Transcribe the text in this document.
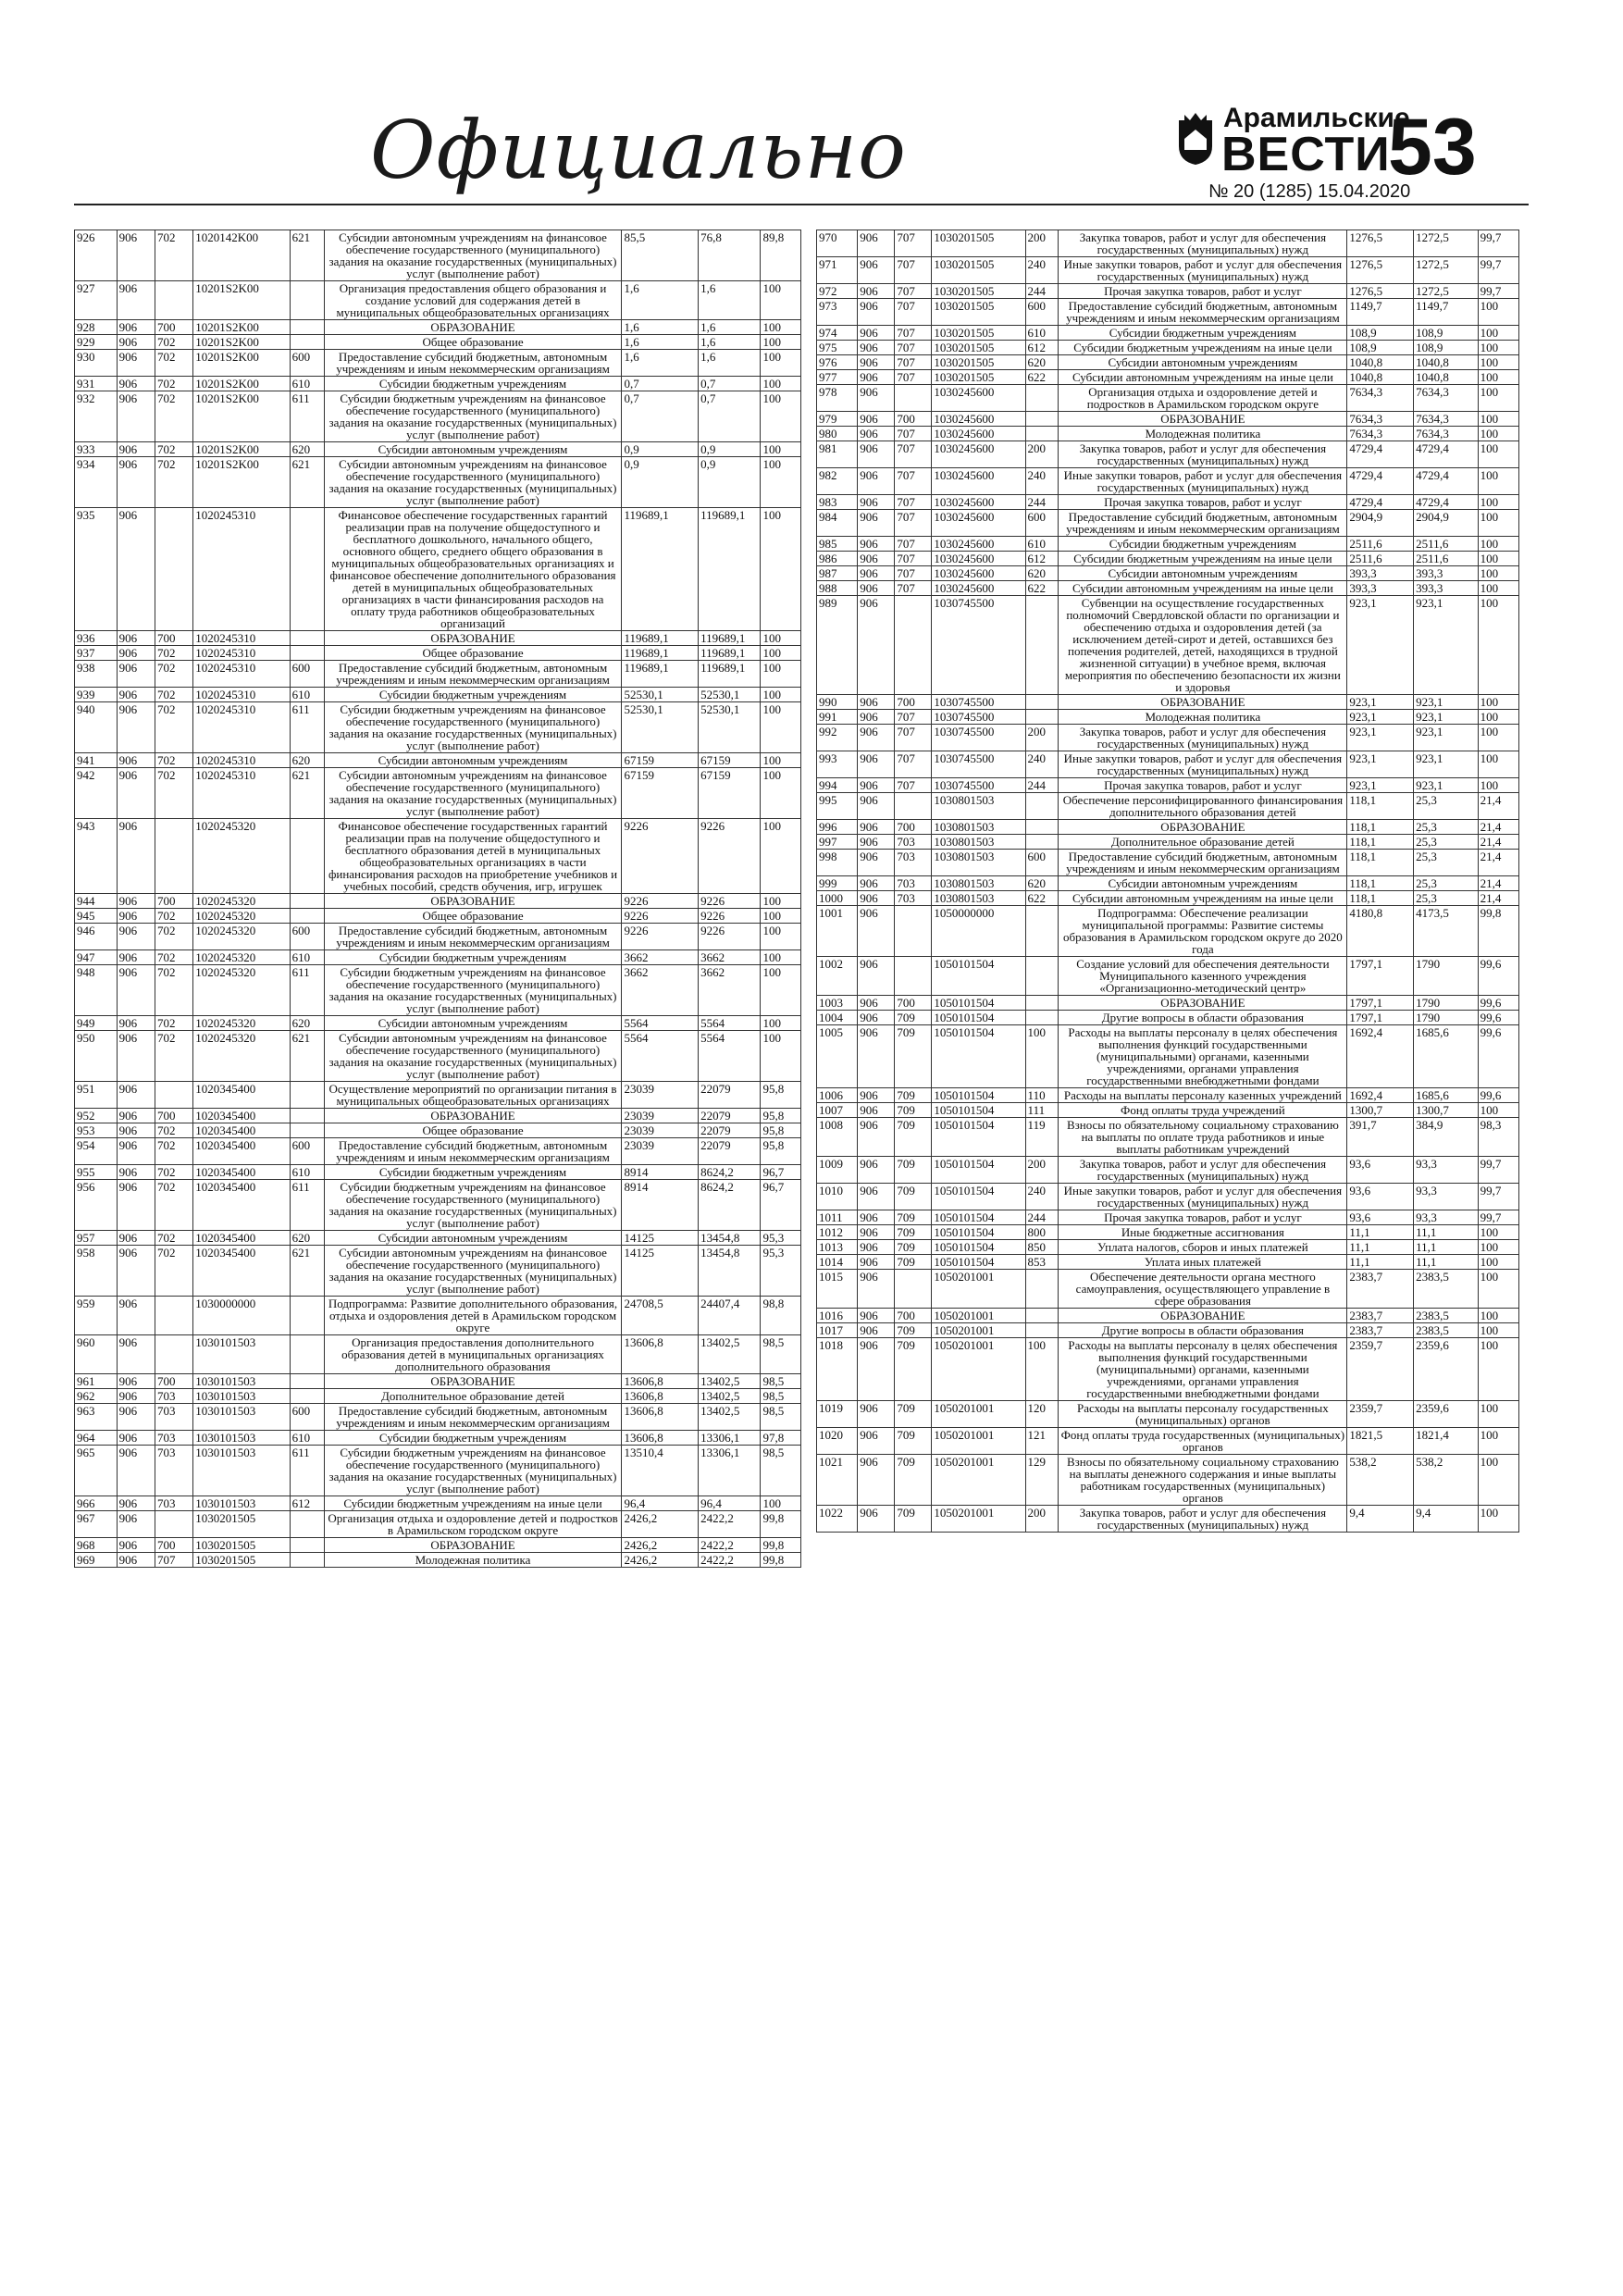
Официально	Арамильские
ВЕСТИ
№ 20 (1285) 15.04.2020
53
926	906	702	1020142K00	621	Субсидии автономным учреждениям на финансовое обеспечение государственного (муниципального) задания на оказание государственных (муниципальных) услуг (выполнение работ)	85,5	76,8	89,8
927	906		10201S2K00		Организация предоставления общего образования и создание условий для содержания детей в муниципальных общеобразовательных организациях	1,6	1,6	100
928	906	700	10201S2K00		ОБРАЗОВАНИЕ	1,6	1,6	100
929	906	702	10201S2K00		Общее образование	1,6	1,6	100
930	906	702	10201S2K00	600	Предоставление субсидий бюджетным, автономным учреждениям и иным некоммерческим организациям	1,6	1,6	100
931	906	702	10201S2K00	610	Субсидии бюджетным учреждениям	0,7	0,7	100
932	906	702	10201S2K00	611	Субсидии бюджетным учреждениям на финансовое обеспечение государственного (муниципального) задания на оказание государственных (муниципальных) услуг (выполнение работ)	0,7	0,7	100
933	906	702	10201S2K00	620	Субсидии автономным учреждениям	0,9	0,9	100
934	906	702	10201S2K00	621	Субсидии автономным учреждениям на финансовое обеспечение государственного (муниципального) задания на оказание государственных (муниципальных) услуг (выполнение работ)	0,9	0,9	100
935	906		1020245310		Финансовое обеспечение государственных гарантий реализации прав на получение общедоступного и бесплатного дошкольного, начального общего, основного общего, среднего общего образования в муниципальных общеобразовательных организациях и финансовое обеспечение дополнительного образования детей в муниципальных общеобразовательных организациях в части финансирования расходов на оплату труда работников общеобразовательных организаций	119689,1	119689,1	100
936	906	700	1020245310		ОБРАЗОВАНИЕ	119689,1	119689,1	100
937	906	702	1020245310		Общее образование	119689,1	119689,1	100
938	906	702	1020245310	600	Предоставление субсидий бюджетным, автономным учреждениям и иным некоммерческим организациям	119689,1	119689,1	100
939	906	702	1020245310	610	Субсидии бюджетным учреждениям	52530,1	52530,1	100
940	906	702	1020245310	611	Субсидии бюджетным учреждениям на финансовое обеспечение государственного (муниципального) задания на оказание государственных (муниципальных) услуг (выполнение работ)	52530,1	52530,1	100
941	906	702	1020245310	620	Субсидии автономным учреждениям	67159	67159	100
942	906	702	1020245310	621	Субсидии автономным учреждениям на финансовое обеспечение государственного (муниципального) задания на оказание государственных (муниципальных) услуг (выполнение работ)	67159	67159	100
943	906		1020245320		Финансовое обеспечение государственных гарантий реализации прав на получение общедоступного и бесплатного образования детей в муниципальных общеобразовательных организациях в части финансирования расходов на приобретение учебников и учебных пособий, средств обучения, игр, игрушек	9226	9226	100
944	906	700	1020245320		ОБРАЗОВАНИЕ	9226	9226	100
945	906	702	1020245320		Общее образование	9226	9226	100
946	906	702	1020245320	600	Предоставление субсидий бюджетным, автономным учреждениям и иным некоммерческим организациям	9226	9226	100
947	906	702	1020245320	610	Субсидии бюджетным учреждениям	3662	3662	100
948	906	702	1020245320	611	Субсидии бюджетным учреждениям на финансовое обеспечение государственного (муниципального) задания на оказание государственных (муниципальных) услуг (выполнение работ)	3662	3662	100
949	906	702	1020245320	620	Субсидии автономным учреждениям	5564	5564	100
950	906	702	1020245320	621	Субсидии автономным учреждениям на финансовое обеспечение государственного (муниципального) задания на оказание государственных (муниципальных) услуг (выполнение работ)	5564	5564	100
951	906		1020345400		Осуществление мероприятий по организации питания в муниципальных общеобразовательных организациях	23039	22079	95,8
952	906	700	1020345400		ОБРАЗОВАНИЕ	23039	22079	95,8
953	906	702	1020345400		Общее образование	23039	22079	95,8
954	906	702	1020345400	600	Предоставление субсидий бюджетным, автономным учреждениям и иным некоммерческим организациям	23039	22079	95,8
955	906	702	1020345400	610	Субсидии бюджетным учреждениям	8914	8624,2	96,7
956	906	702	1020345400	611	Субсидии бюджетным учреждениям на финансовое обеспечение государственного (муниципального) задания на оказание государственных (муниципальных) услуг (выполнение работ)	8914	8624,2	96,7
957	906	702	1020345400	620	Субсидии автономным учреждениям	14125	13454,8	95,3
958	906	702	1020345400	621	Субсидии автономным учреждениям на финансовое обеспечение государственного (муниципального) задания на оказание государственных (муниципальных) услуг (выполнение работ)	14125	13454,8	95,3
959	906		1030000000		Подпрограмма: Развитие дополнительного образования, отдыха и оздоровления детей в Арамильском городском округе	24708,5	24407,4	98,8
960	906		1030101503		Организация предоставления дополнительного образования детей в муниципальных организациях дополнительного образования	13606,8	13402,5	98,5
961	906	700	1030101503		ОБРАЗОВАНИЕ	13606,8	13402,5	98,5
962	906	703	1030101503		Дополнительное образование детей	13606,8	13402,5	98,5
963	906	703	1030101503	600	Предоставление субсидий бюджетным, автономным учреждениям и иным некоммерческим организациям	13606,8	13402,5	98,5
964	906	703	1030101503	610	Субсидии бюджетным учреждениям	13606,8	13306,1	97,8
965	906	703	1030101503	611	Субсидии бюджетным учреждениям на финансовое обеспечение государственного (муниципального) задания на оказание государственных (муниципальных) услуг (выполнение работ)	13510,4	13306,1	98,5
966	906	703	1030101503	612	Субсидии бюджетным учреждениям на иные цели	96,4	96,4	100
967	906		1030201505		Организация отдыха и оздоровление детей и подростков в Арамильском городском округе	2426,2	2422,2	99,8
968	906	700	1030201505		ОБРАЗОВАНИЕ	2426,2	2422,2	99,8
969	906	707	1030201505		Молодежная политика	2426,2	2422,2	99,8
970	906	707	1030201505	200	Закупка товаров, работ и услуг для обеспечения государственных (муниципальных) нужд	1276,5	1272,5	99,7
971	906	707	1030201505	240	Иные закупки товаров, работ и услуг для обеспечения государственных (муниципальных) нужд	1276,5	1272,5	99,7
972	906	707	1030201505	244	Прочая закупка товаров, работ и услуг	1276,5	1272,5	99,7
973	906	707	1030201505	600	Предоставление субсидий бюджетным, автономным учреждениям и иным некоммерческим организациям	1149,7	1149,7	100
974	906	707	1030201505	610	Субсидии бюджетным учреждениям	108,9	108,9	100
975	906	707	1030201505	612	Субсидии бюджетным учреждениям на иные цели	108,9	108,9	100
976	906	707	1030201505	620	Субсидии автономным учреждениям	1040,8	1040,8	100
977	906	707	1030201505	622	Субсидии автономным учреждениям на иные цели	1040,8	1040,8	100
978	906		1030245600		Организация отдыха и оздоровление детей и подростков в Арамильском городском округе	7634,3	7634,3	100
979	906	700	1030245600		ОБРАЗОВАНИЕ	7634,3	7634,3	100
980	906	707	1030245600		Молодежная политика	7634,3	7634,3	100
981	906	707	1030245600	200	Закупка товаров, работ и услуг для обеспечения государственных (муниципальных) нужд	4729,4	4729,4	100
982	906	707	1030245600	240	Иные закупки товаров, работ и услуг для обеспечения государственных (муниципальных) нужд	4729,4	4729,4	100
983	906	707	1030245600	244	Прочая закупка товаров, работ и услуг	4729,4	4729,4	100
984	906	707	1030245600	600	Предоставление субсидий бюджетным, автономным учреждениям и иным некоммерческим организациям	2904,9	2904,9	100
985	906	707	1030245600	610	Субсидии бюджетным учреждениям	2511,6	2511,6	100
986	906	707	1030245600	612	Субсидии бюджетным учреждениям на иные цели	2511,6	2511,6	100
987	906	707	1030245600	620	Субсидии автономным учреждениям	393,3	393,3	100
988	906	707	1030245600	622	Субсидии автономным учреждениям на иные цели	393,3	393,3	100
989	906		1030745500		Субвенции на осуществление государственных полномочий Свердловской области по организации и обеспечению отдыха и оздоровления детей (за исключением детей-сирот и детей, оставшихся без попечения родителей, детей, находящихся в трудной жизненной ситуации) в учебное время, включая мероприятия по обеспечению безопасности их жизни и здоровья	923,1	923,1	100
990	906	700	1030745500		ОБРАЗОВАНИЕ	923,1	923,1	100
991	906	707	1030745500		Молодежная политика	923,1	923,1	100
992	906	707	1030745500	200	Закупка товаров, работ и услуг для обеспечения государственных (муниципальных) нужд	923,1	923,1	100
993	906	707	1030745500	240	Иные закупки товаров, работ и услуг для обеспечения государственных (муниципальных) нужд	923,1	923,1	100
994	906	707	1030745500	244	Прочая закупка товаров, работ и услуг	923,1	923,1	100
995	906		1030801503		Обеспечение персонифицированного финансирования дополнительного образования детей	118,1	25,3	21,4
996	906	700	1030801503		ОБРАЗОВАНИЕ	118,1	25,3	21,4
997	906	703	1030801503		Дополнительное образование детей	118,1	25,3	21,4
998	906	703	1030801503	600	Предоставление субсидий бюджетным, автономным учреждениям и иным некоммерческим организациям	118,1	25,3	21,4
999	906	703	1030801503	620	Субсидии автономным учреждениям	118,1	25,3	21,4
1000	906	703	1030801503	622	Субсидии автономным учреждениям на иные цели	118,1	25,3	21,4
1001	906		1050000000		Подпрограмма: Обеспечение реализации муниципальной программы: Развитие системы образования в Арамильском городском округе до 2020 года	4180,8	4173,5	99,8
1002	906		1050101504		Создание условий для обеспечения деятельности Муниципального казенного учреждения «Организационно-методический центр»	1797,1	1790	99,6
1003	906	700	1050101504		ОБРАЗОВАНИЕ	1797,1	1790	99,6
1004	906	709	1050101504		Другие вопросы в области образования	1797,1	1790	99,6
1005	906	709	1050101504	100	Расходы на выплаты персоналу в целях обеспечения выполнения функций государственными (муниципальными) органами, казенными учреждениями, органами управления государственными внебюджетными фондами	1692,4	1685,6	99,6
1006	906	709	1050101504	110	Расходы на выплаты персоналу казенных учреждений	1692,4	1685,6	99,6
1007	906	709	1050101504	111	Фонд оплаты труда учреждений	1300,7	1300,7	100
1008	906	709	1050101504	119	Взносы по обязательному социальному страхованию на выплаты по оплате труда работников и иные выплаты работникам учреждений	391,7	384,9	98,3
1009	906	709	1050101504	200	Закупка товаров, работ и услуг для обеспечения государственных (муниципальных) нужд	93,6	93,3	99,7
1010	906	709	1050101504	240	Иные закупки товаров, работ и услуг для обеспечения государственных (муниципальных) нужд	93,6	93,3	99,7
1011	906	709	1050101504	244	Прочая закупка товаров, работ и услуг	93,6	93,3	99,7
1012	906	709	1050101504	800	Иные бюджетные ассигнования	11,1	11,1	100
1013	906	709	1050101504	850	Уплата налогов, сборов и иных платежей	11,1	11,1	100
1014	906	709	1050101504	853	Уплата иных платежей	11,1	11,1	100
1015	906		1050201001		Обеспечение деятельности органа местного самоуправления, осуществляющего управление в сфере образования	2383,7	2383,5	100
1016	906	700	1050201001		ОБРАЗОВАНИЕ	2383,7	2383,5	100
1017	906	709	1050201001		Другие вопросы в области образования	2383,7	2383,5	100
1018	906	709	1050201001	100	Расходы на выплаты персоналу в целях обеспечения выполнения функций государственными (муниципальными) органами, казенными учреждениями, органами управления государственными внебюджетными фондами	2359,7	2359,6	100
1019	906	709	1050201001	120	Расходы на выплаты персоналу государственных (муниципальных) органов	2359,7	2359,6	100
1020	906	709	1050201001	121	Фонд оплаты труда государственных (муниципальных) органов	1821,5	1821,4	100
1021	906	709	1050201001	129	Взносы по обязательному социальному страхованию на выплаты денежного содержания и иные выплаты работникам государственных (муниципальных) органов	538,2	538,2	100
1022	906	709	1050201001	200	Закупка товаров, работ и услуг для обеспечения государственных (муниципальных) нужд	9,4	9,4	100
